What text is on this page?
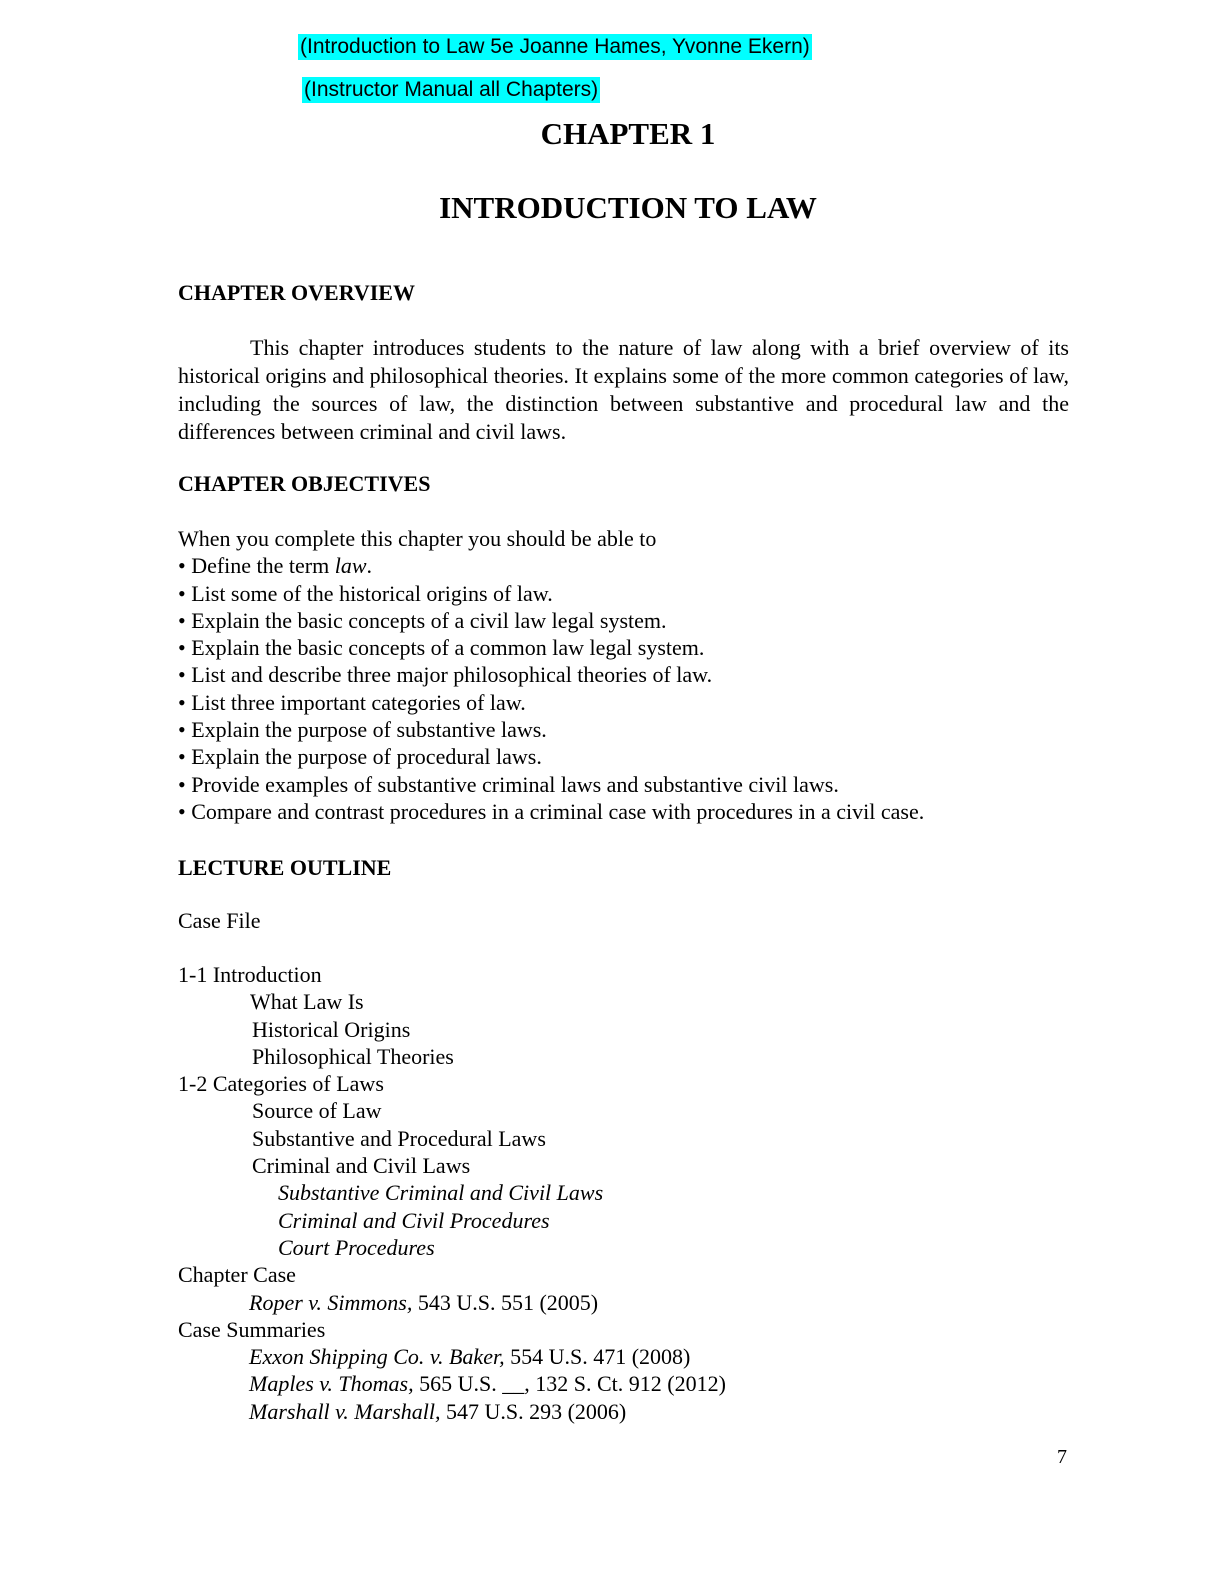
(Introduction to Law 5e Joanne Hames, Yvonne Ekern)
(Instructor Manual all Chapters)
CHAPTER 1
INTRODUCTION TO LAW
CHAPTER OVERVIEW
This chapter introduces students to the nature of law along with a brief overview of its historical origins and philosophical theories. It explains some of the more common categories of law, including the sources of law, the distinction between substantive and procedural law and the differences between criminal and civil laws.
CHAPTER OBJECTIVES
When you complete this chapter you should be able to
• Define the term law.
• List some of the historical origins of law.
• Explain the basic concepts of a civil law legal system.
• Explain the basic concepts of a common law legal system.
• List and describe three major philosophical theories of law.
• List three important categories of law.
• Explain the purpose of substantive laws.
• Explain the purpose of procedural laws.
• Provide examples of substantive criminal laws and substantive civil laws.
• Compare and contrast procedures in a criminal case with procedures in a civil case.
LECTURE OUTLINE
Case File
1-1 Introduction
What Law Is
Historical Origins
Philosophical Theories
1-2 Categories of Laws
Source of Law
Substantive and Procedural Laws
Criminal and Civil Laws
Substantive Criminal and Civil Laws
Criminal and Civil Procedures
Court Procedures
Chapter Case
Roper v. Simmons, 543 U.S. 551 (2005)
Case Summaries
Exxon Shipping Co. v. Baker, 554 U.S. 471 (2008)
Maples v. Thomas, 565 U.S. __, 132 S. Ct. 912 (2012)
Marshall v. Marshall, 547 U.S. 293 (2006)
7
